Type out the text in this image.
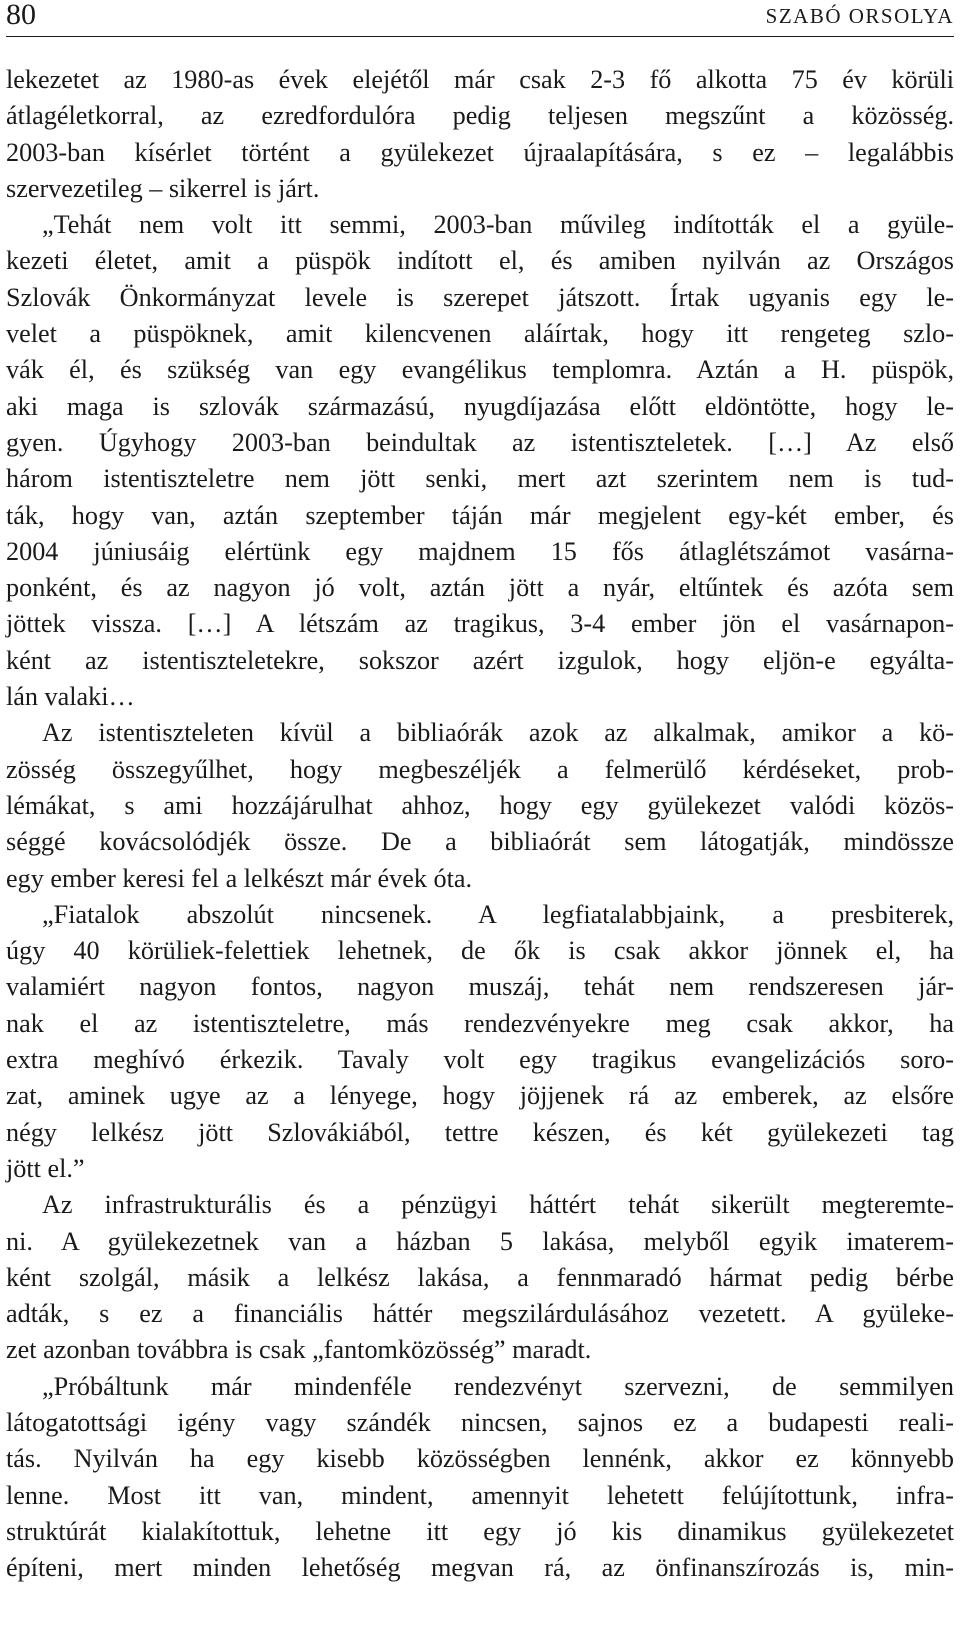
80	SZABÓ ORSOLYA
lekezetet az 1980-as évek elejétől már csak 2-3 fő alkotta 75 év körüli
átlagéletkorral, az ezredfordulóra pedig teljesen megszűnt a közösség.
2003-ban kísérlet történt a gyülekezet újraalapítására, s ez – legalábbis
szervezetileg – sikerrel is járt.
„Tehát nem volt itt semmi, 2003-ban művileg indították el a gyüle-
kezeti életet, amit a püspök indított el, és amiben nyilván az Országos
Szlovák Önkormányzat levele is szerepet játszott. Írtak ugyanis egy le-
velet a püspöknek, amit kilencvenen aláírtak, hogy itt rengeteg szlo-
vák él, és szükség van egy evangélikus templomra. Aztán a H. püspök,
aki maga is szlovák származású, nyugdíjazása előtt eldöntötte, hogy le-
gyen. Úgyhogy 2003-ban beindultak az istentiszteletek. […] Az első
három istentiszteletre nem jött senki, mert azt szerintem nem is tud-
ták, hogy van, aztán szeptember táján már megjelent egy-két ember, és
2004 júniusáig elértünk egy majdnem 15 fős átlaglétszámot vasárna-
ponként, és az nagyon jó volt, aztán jött a nyár, eltűntek és azóta sem
jöttek vissza. […] A létszám az tragikus, 3-4 ember jön el vasárnapon-
ként az istentiszteletekre, sokszor azért izgulok, hogy eljön-e egyálta-
lán valaki…
Az istentiszteleten kívül a bibliaórák azok az alkalmak, amikor a kö-
zösség összegyűlhet, hogy megbeszéljék a felmerülő kérdéseket, prob-
lémákat, s ami hozzájárulhat ahhoz, hogy egy gyülekezet valódi közös-
séggé kovácsolódjék össze. De a bibliaórát sem látogatják, mindössze
egy ember keresi fel a lelkészt már évek óta.
„Fiatalok abszolút nincsenek. A legfiatalabbjaink, a presbiterek,
úgy 40 körüliek-felettiek lehetnek, de ők is csak akkor jönnek el, ha
valamiért nagyon fontos, nagyon muszáj, tehát nem rendszeresen jár-
nak el az istentiszteletre, más rendezvényekre meg csak akkor, ha
extra meghívó érkezik. Tavaly volt egy tragikus evangelizációs soro-
zat, aminek ugye az a lényege, hogy jöjjenek rá az emberek, az elsőre
négy lelkész jött Szlovákiából, tettre készen, és két gyülekezeti tag
jött el.”
Az infrastrukturális és a pénzügyi háttért tehát sikerült megteremte-
ni. A gyülekezetnek van a házban 5 lakása, melyből egyik imaterem-
ként szolgál, másik a lelkész lakása, a fennmaradó hármat pedig bérbe
adták, s ez a financiális háttér megszilárdulásához vezetett. A gyüleke-
zet azonban továbbra is csak „fantomközösség” maradt.
„Próbáltunk már mindenféle rendezvényt szervezni, de semmilyen
látogatottsági igény vagy szándék nincsen, sajnos ez a budapesti reali-
tás. Nyilván ha egy kisebb közösségben lennénk, akkor ez könnyebb
lenne. Most itt van, mindent, amennyit lehetett felújítottunk, infra-
struktúrát kialakítottuk, lehetne itt egy jó kis dinamikus gyülekezetet
építeni, mert minden lehetőség megvan rá, az önfinanszírozás is, min-
